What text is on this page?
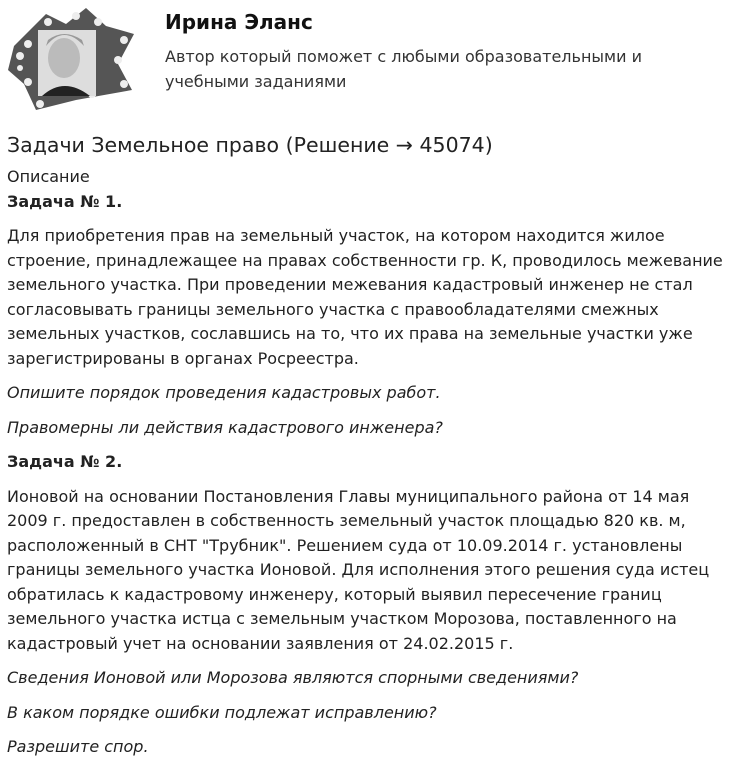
Ирина Эланс
Автор который поможет с любыми образовательными и учебными заданиями
Задачи Земельное право (Решение → 45074)
Описание
Задача № 1.

Для приобретения прав на земельный участок, на котором находится жилое строение, принадлежащее на правах собственности гр. К, проводилось межевание земельного участка. При проведении межевания кадастровый инженер не стал согласовывать границы земельного участка с правообладателями смежных земельных участков, сославшись на то, что их права на земельные участки уже зарегистрированы в органах Росреестра.

Опишите порядок проведения кадастровых работ.

Правомерны ли действия кадастрового инженера?

Задача № 2.

Ионовой на основании Постановления Главы муниципального района от 14 мая 2009 г. предоставлен в собственность земельный участок площадью 820 кв. м, расположенный в СНТ "Трубник". Решением суда от 10.09.2014 г. установлены границы земельного участка Ионовой. Для исполнения этого решения суда истец обратилась к кадастровому инженеру, который выявил пересечение границ земельного участка истца с земельным участком Морозова, поставленного на кадастровый учет на основании заявления от 24.02.2015 г.

Сведения Ионовой или Морозова являются спорными сведениями?

В каком порядке ошибки подлежат исправлению?

Разрешите спор.
